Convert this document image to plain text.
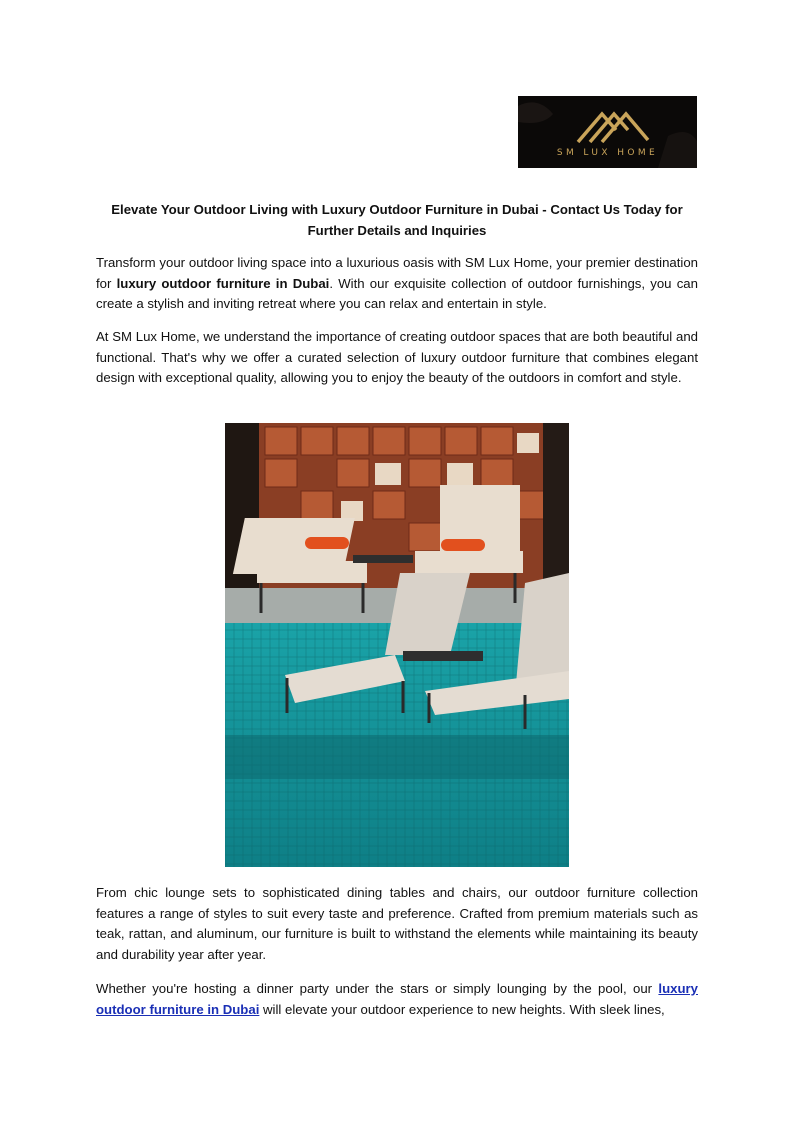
SM LUX HOME
Elevate Your Outdoor Living with Luxury Outdoor Furniture in Dubai - Contact Us Today for Further Details and Inquiries

Transform your outdoor living space into a luxurious oasis with SM Lux Home, your premier destination for luxury outdoor furniture in Dubai. With our exquisite collection of outdoor furnishings, you can create a stylish and inviting retreat where you can relax and entertain in style.

At SM Lux Home, we understand the importance of creating outdoor spaces that are both beautiful and functional. That's why we offer a curated selection of luxury outdoor furniture that combines elegant design with exceptional quality, allowing you to enjoy the beauty of the outdoors in comfort and style.

From chic lounge sets to sophisticated dining tables and chairs, our outdoor furniture collection features a range of styles to suit every taste and preference. Crafted from premium materials such as teak, rattan, and aluminum, our furniture is built to withstand the elements while maintaining its beauty and durability year after year.

Whether you're hosting a dinner party under the stars or simply lounging by the pool, our luxury outdoor furniture in Dubai will elevate your outdoor experience to new heights. With sleek lines,
